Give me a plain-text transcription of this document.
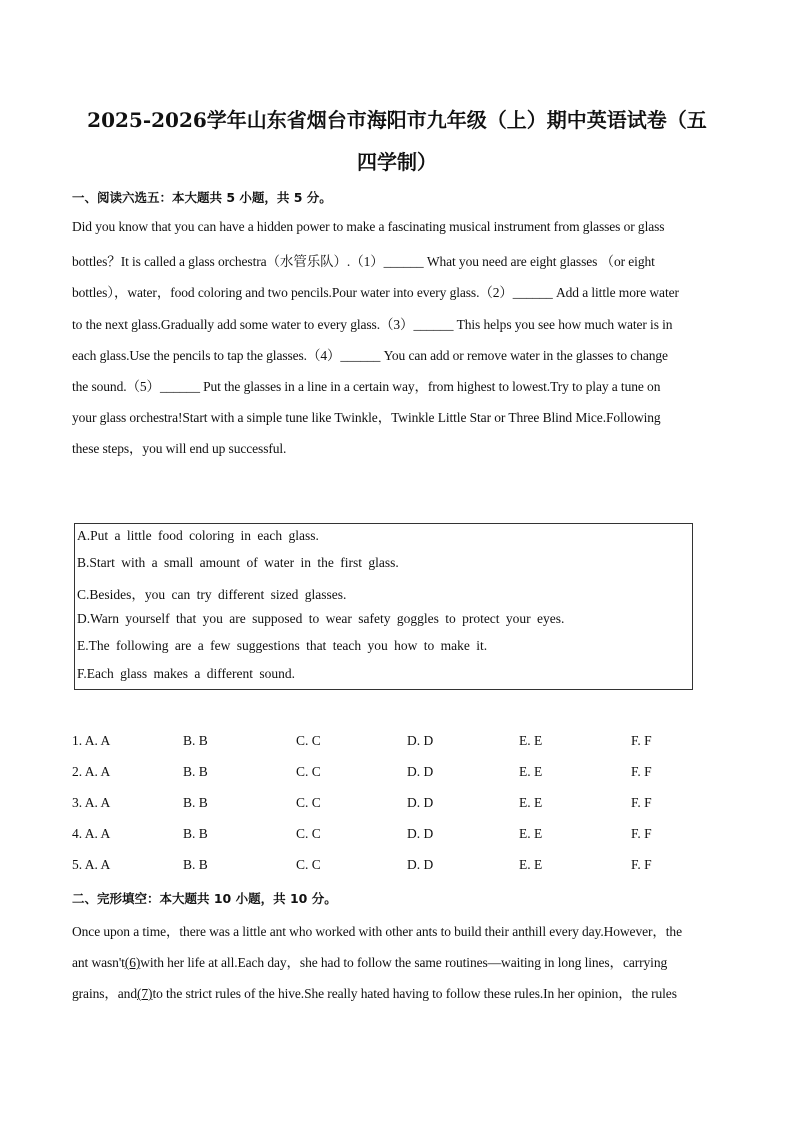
2025-2026学年山东省烟台市海阳市九年级（上）期中英语试卷（五
四学制）
一、阅读六选五：本大题共 5 小题，共 5 分。
Did you know that you can have a hidden power to make a fascinating musical instrument from glasses or glass
bottles？It is called a glass orchestra（水管乐队）.（1）______ What you need are eight glasses （or eight
bottles），water，food coloring and two pencils.Pour water into every glass.（2）______ Add a little more water
to the next glass.Gradually add some water to every glass.（3）______ This helps you see how much water is in
each glass.Use the pencils to tap the glasses.（4）______ You can add or remove water in the glasses to change
the sound.（5）______ Put the glasses in a line in a certain way，from highest to lowest.Try to play a tune on
your glass orchestra!Start with a simple tune like Twinkle，Twinkle Little Star or Three Blind Mice.Following
these steps，you will end up successful.
A.Put a little food coloring in each glass.
B.Start with a small amount of water in the first glass.
C.Besides，you can try different sized glasses.
D.Warn yourself that you are supposed to wear safety goggles to protect your eyes.
E.The following are a few suggestions that teach you how to make it.
F.Each glass makes a different sound.
1. A. A	B. B	C. C	D. D	E. E	F. F
2. A. A	B. B	C. C	D. D	E. E	F. F
3. A. A	B. B	C. C	D. D	E. E	F. F
4. A. A	B. B	C. C	D. D	E. E	F. F
5. A. A	B. B	C. C	D. D	E. E	F. F
二、完形填空：本大题共 10 小题，共 10 分。
Once upon a time，there was a little ant who worked with other ants to build their anthill every day.However，the
ant wasn't(6)with her life at all.Each day，she had to follow the same routines—waiting in long lines，carrying
grains，and(7)to the strict rules of the hive.She really hated having to follow these rules.In her opinion，the rules
